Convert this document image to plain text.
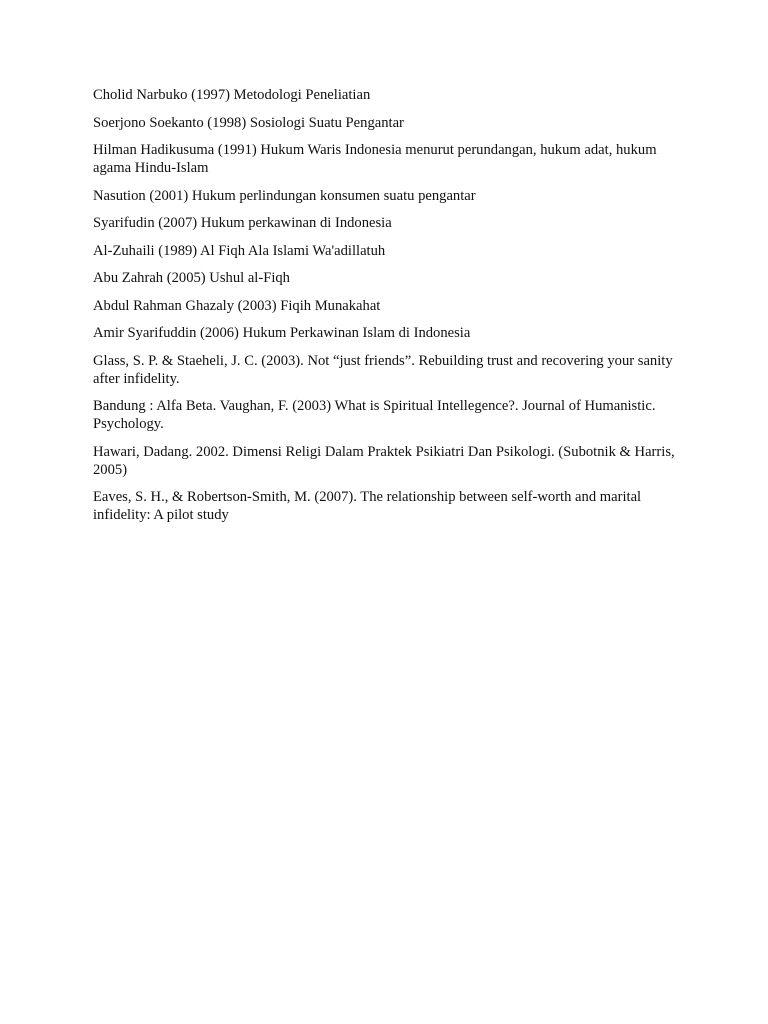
Cholid Narbuko (1997) Metodologi Peneliatian

Soerjono Soekanto (1998) Sosiologi Suatu Pengantar

Hilman Hadikusuma (1991) Hukum Waris Indonesia menurut perundangan, hukum adat, hukum agama Hindu-Islam

Nasution (2001) Hukum perlindungan konsumen suatu pengantar

Syarifudin (2007) Hukum perkawinan di Indonesia

Al-Zuhaili (1989) Al Fiqh Ala Islami Wa'adillatuh

Abu Zahrah (2005) Ushul al-Fiqh

Abdul Rahman Ghazaly (2003) Fiqih Munakahat

Amir Syarifuddin (2006) Hukum Perkawinan Islam di Indonesia

Glass, S. P. & Staeheli, J. C. (2003). Not “just friends”. Rebuilding trust and recovering your sanity after infidelity.

Bandung : Alfa Beta. Vaughan, F. (2003) What is Spiritual Intellegence?. Journal of Humanistic. Psychology.

Hawari, Dadang. 2002. Dimensi Religi Dalam Praktek Psikiatri Dan Psikologi. (Subotnik & Harris, 2005)

Eaves, S. H., & Robertson-Smith, M. (2007). The relationship between self-worth and marital infidelity: A pilot study
